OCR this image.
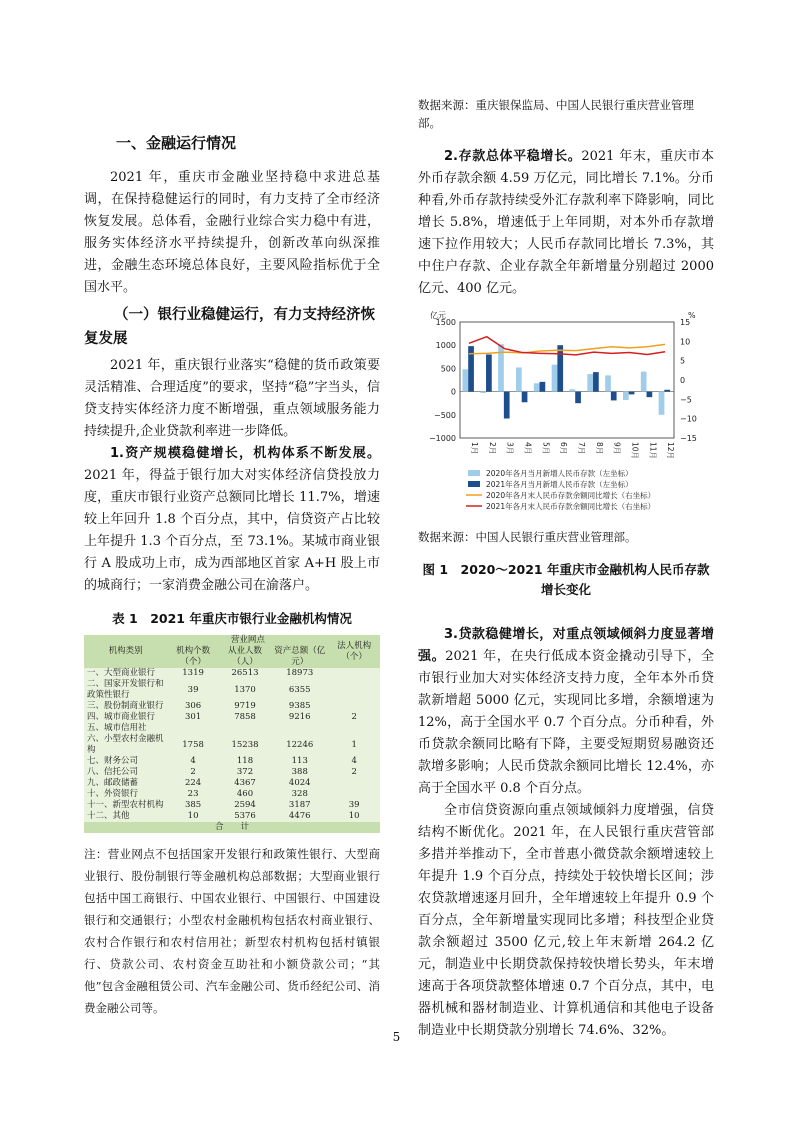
一、金融运行情况

2021 年，重庆市金融业坚持稳中求进总基调，在保持稳健运行的同时，有力支持了全市经济恢复发展。总体看，金融行业综合实力稳中有进，服务实体经济水平持续提升，创新改革向纵深推进，金融生态环境总体良好，主要风险指标优于全国水平。

（一）银行业稳健运行，有力支持经济恢复发展

2021 年，重庆银行业落实“稳健的货币政策要灵活精准、合理适度”的要求，坚持“稳”字当头，信贷支持实体经济力度不断增强，重点领域服务能力持续提升,企业贷款利率进一步降低。

1.资产规模稳健增长，机构体系不断发展。2021 年，得益于银行加大对实体经济信贷投放力度，重庆市银行业资产总额同比增长 11.7%，增速较上年回升 1.8 个百分点，其中，信贷资产占比较上年提升 1.3 个百分点，至 73.1%。某城市商业银行 A 股成功上市，成为西部地区首家 A+H 股上市的城商行；一家消费金融公司在渝落户。

表 1　2021 年重庆市银行业金融机构情况
机构类别	营业网点			法人机构（个）
	机构个数（个）	从业人数（人）	资产总额（亿元）	
一、大型商业银行	1319	26513	18973	
二、国家开发银行和政策性银行	39	1370	6355	
三、股份制商业银行	306	9719	9385	
四、城市商业银行	301	7858	9216	2
五、城市信用社				
六、小型农村金融机构	1758	15238	12246	1
七、财务公司	4	118	113	4
八、信托公司	2	372	388	2
九、邮政储蓄	224	4367	4024	
十、外资银行	23	460	328	
十一、新型农村机构	385	2594	3187	39
十二、其他	10	5376	4476	10
合　　计				
注：营业网点不包括国家开发银行和政策性银行、大型商业银行、股份制银行等金融机构总部数据；大型商业银行包括中国工商银行、中国农业银行、中国银行、中国建设银行和交通银行；小型农村金融机构包括农村商业银行、农村合作银行和农村信用社；新型农村机构包括村镇银行、贷款公司、农村资金互助社和小额贷款公司；“其他”包含金融租赁公司、汽车金融公司、货币经纪公司、消费金融公司等。
数据来源：重庆银保监局、中国人民银行重庆营业管理部。

2.存款总体平稳增长。2021 年末，重庆市本外币存款余额 4.59 万亿元，同比增长 7.1%。分币种看,外币存款持续受外汇存款利率下降影响，同比增长 5.8%，增速低于上年同期，对本外币存款增速下拉作用较大；人民币存款同比增长 7.3%，其中住户存款、企业存款全年新增量分别超过 2000 亿元、400 亿元。

亿元	%
1500
1000
500
0
−500
−1000
15
10
5
0
−5
−10
−15
1月 2月 3月 4月 5月 6月 7月 8月 9月 10月 11月 12月
2020年各月当月新增人民币存款（左坐标）
2021年各月当月新增人民币存款（左坐标）
2020年各月末人民币存款余额同比增长（右坐标）
2021年各月末人民币存款余额同比增长（右坐标）
数据来源：中国人民银行重庆营业管理部。
图 1　2020～2021 年重庆市金融机构人民币存款增长变化

3.贷款稳健增长，对重点领域倾斜力度显著增强。2021 年，在央行低成本资金撬动引导下，全市银行业加大对实体经济支持力度，全年本外币贷款新增超 5000 亿元，实现同比多增，余额增速为 12%，高于全国水平 0.7 个百分点。分币种看，外币贷款余额同比略有下降，主要受短期贸易融资还款增多影响；人民币贷款余额同比增长 12.4%，亦高于全国水平 0.8 个百分点。

全市信贷资源向重点领域倾斜力度增强，信贷结构不断优化。2021 年，在人民银行重庆营管部多措并举推动下，全市普惠小微贷款余额增速较上年提升 1.9 个百分点，持续处于较快增长区间；涉农贷款增速逐月回升，全年增速较上年提升 0.9 个百分点，全年新增量实现同比多增；科技型企业贷款余额超过 3500 亿元,较上年末新增 264.2 亿元，制造业中长期贷款保持较快增长势头，年末增速高于各项贷款整体增速 0.7 个百分点，其中，电器机械和器材制造业、计算机通信和其他电子设备制造业中长期贷款分别增长 74.6%、32%。

5
